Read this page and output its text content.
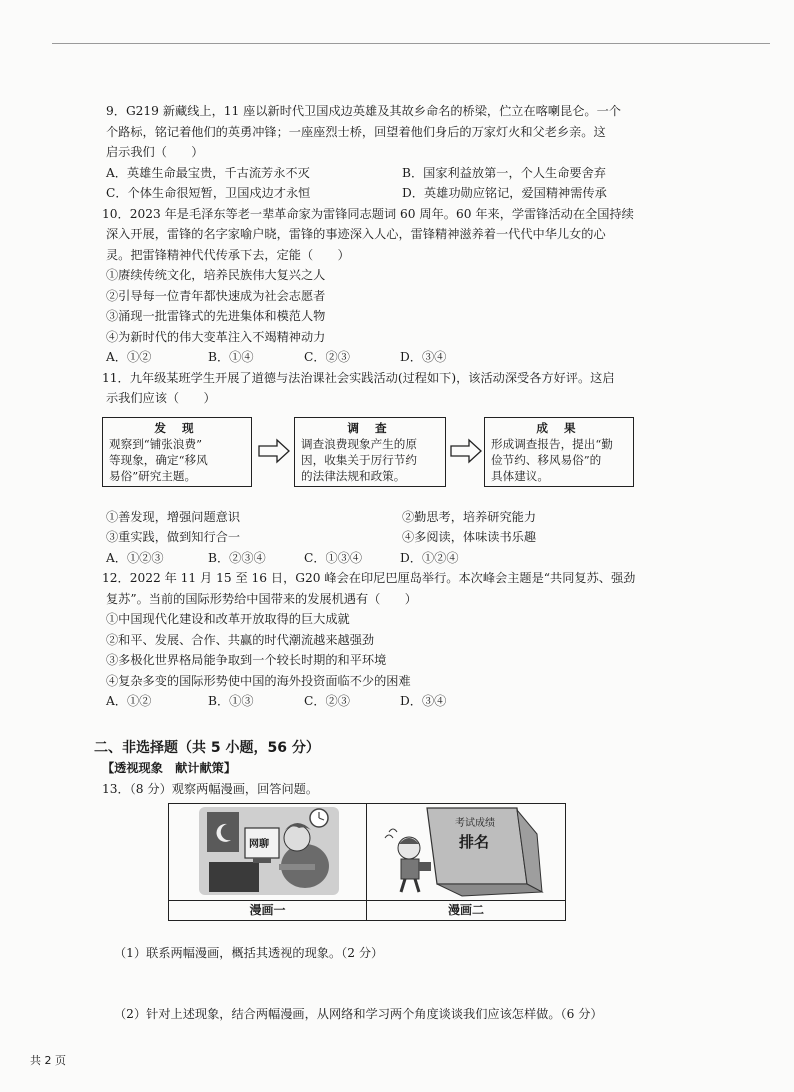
9．G219 新藏线上，11 座以新时代卫国戍边英雄及其故乡命名的桥梁，伫立在喀喇昆仑。一个
个路标，铭记着他们的英勇冲锋；一座座烈士桥，回望着他们身后的万家灯火和父老乡亲。这
启示我们（　　）
A．英雄生命最宝贵，千古流芳永不灭	B．国家利益放第一，个人生命要舍弃
C．个体生命很短暂，卫国戍边才永恒	D．英雄功勋应铭记，爱国精神需传承
10．2023 年是毛泽东等老一辈革命家为雷锋同志题词 60 周年。60 年来，学雷锋活动在全国持续
深入开展，雷锋的名字家喻户晓，雷锋的事迹深入人心，雷锋精神滋养着一代代中华儿女的心
灵。把雷锋精神代代传承下去，定能（　　）
①赓续传统文化，培养民族伟大复兴之人
②引导每一位青年都快速成为社会志愿者
③涌现一批雷锋式的先进集体和模范人物
④为新时代的伟大变革注入不竭精神动力
A．①②	B．①④	C．②③	D．③④
11．九年级某班学生开展了道德与法治课社会实践活动(过程如下)，该活动深受各方好评。这启
示我们应该（　　）
发 现
观察到“铺张浪费”
等现象，确定“移风
易俗”研究主题。
调 查
调查浪费现象产生的原
因，收集关于厉行节约
的法律法规和政策。
成 果
形成调查报告，提出“勤
俭节约、移风易俗”的
具体建议。
①善发现，增强问题意识	②勤思考，培养研究能力
③重实践，做到知行合一	④多阅读，体味读书乐趣
A．①②③	B．②③④	C．①③④	D．①②④
12．2022 年 11 月 15 至 16 日，G20 峰会在印尼巴厘岛举行。本次峰会主题是“共同复苏、强劲
复苏”。当前的国际形势给中国带来的发展机遇有（　　）
①中国现代化建设和改革开放取得的巨大成就
②和平、发展、合作、共赢的时代潮流越来越强劲
③多极化世界格局能争取到一个较长时期的和平环境
④复杂多变的国际形势使中国的海外投资面临不少的困难
A．①②	B．①③	C．②③	D．③④
二、非选择题（共 5 小题，56 分）
【透视现象　献计献策】
13．（8 分）观察两幅漫画，回答问题。
网聊
考试成绩
排名
漫画一	漫画二
（1）联系两幅漫画，概括其透视的现象。（2 分）
（2）针对上述现象，结合两幅漫画，从网络和学习两个角度谈谈我们应该怎样做。（6 分）
共 2 页
